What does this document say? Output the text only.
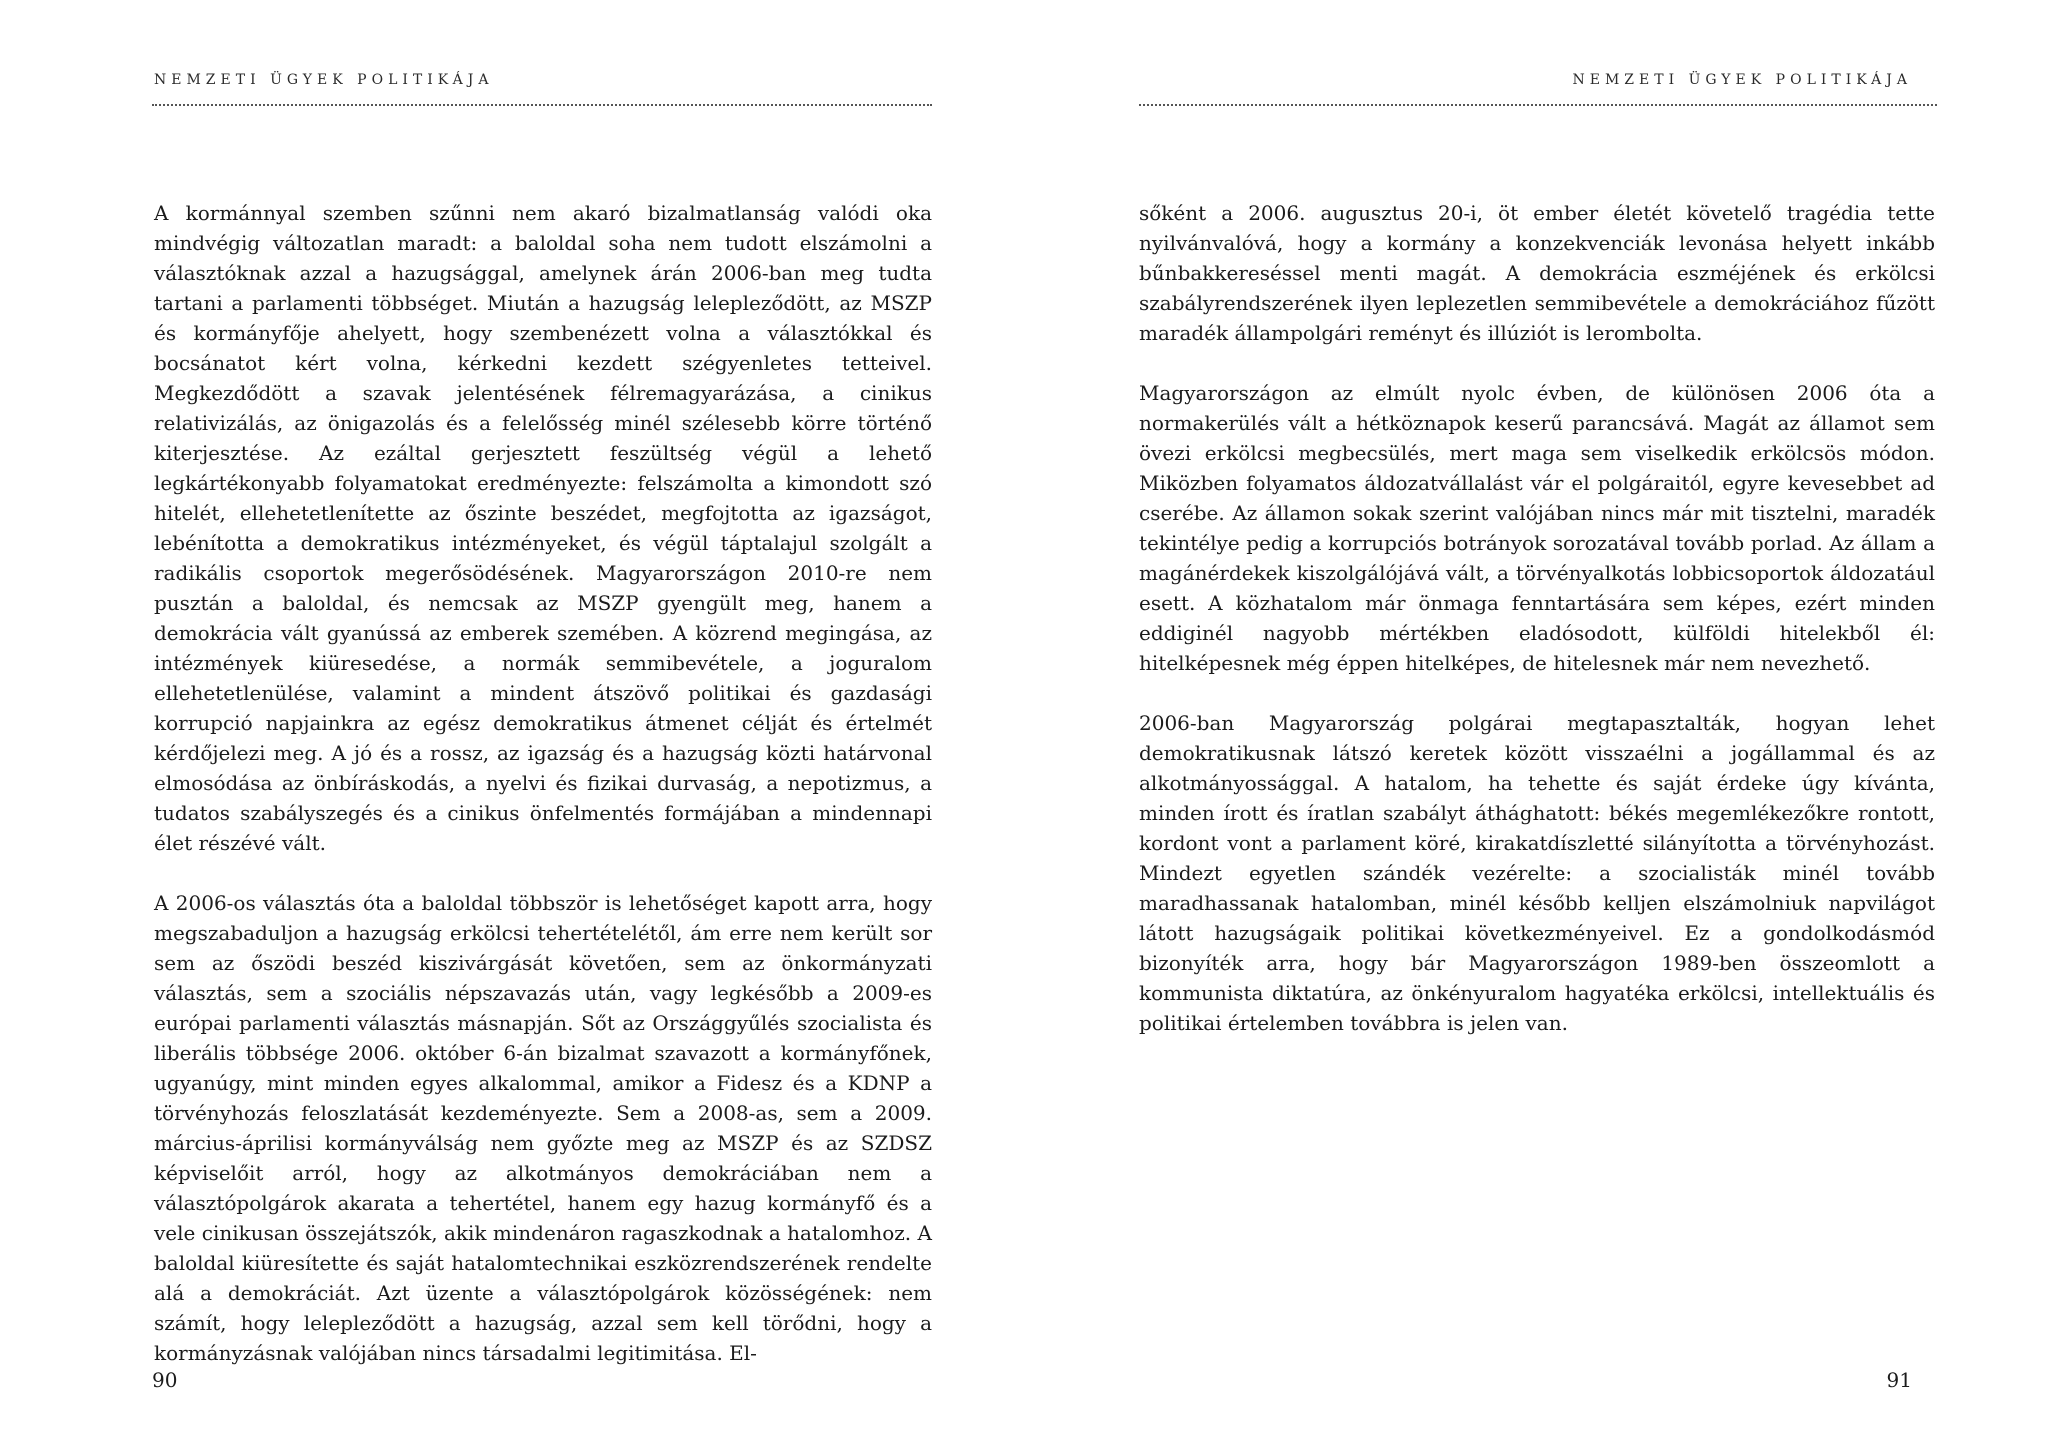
NEMZETI ÜGYEK POLITIKÁJA

A kormánnyal szemben szűnni nem akaró bizalmatlanság valódi oka mindvégig változatlan maradt: a baloldal soha nem tudott elszámolni a választóknak azzal a hazugsággal, amelynek árán 2006-ban meg tudta tartani a parlamenti többséget. Miután a hazugság lelepleződött, az MSZP és kormányfője ahelyett, hogy szembenézett volna a választókkal és bocsánatot kért volna, kérkedni kezdett szégyenletes tetteivel. Megkezdődött a szavak jelentésének félremagyarázása, a cinikus relativizálás, az önigazolás és a felelősség minél szélesebb körre történő kiterjesztése. Az ezáltal gerjesztett feszültség végül a lehető legkártékonyabb folyamatokat eredményezte: felszámolta a kimondott szó hitelét, ellehetetlenítette az őszinte beszédet, megfojtotta az igazságot, lebénította a demokratikus intézményeket, és végül táptalajul szolgált a radikális csoportok megerősödésének. Magyarországon 2010-re nem pusztán a baloldal, és nemcsak az MSZP gyengült meg, hanem a demokrácia vált gyanússá az emberek szemében. A közrend megingása, az intézmények kiüresedése, a normák semmibevétele, a joguralom ellehetetlenülése, valamint a mindent átszövő politikai és gazdasági korrupció napjainkra az egész demokratikus átmenet célját és értelmét kérdőjelezi meg. A jó és a rossz, az igazság és a hazugság közti határvonal elmosódása az önbíráskodás, a nyelvi és fizikai durvaság, a nepotizmus, a tudatos szabályszegés és a cinikus önfelmentés formájában a mindennapi élet részévé vált.

A 2006-os választás óta a baloldal többször is lehetőséget kapott arra, hogy megszabaduljon a hazugság erkölcsi tehertételétől, ám erre nem került sor sem az őszödi beszéd kiszivárgását követően, sem az önkormányzati választás, sem a szociális népszavazás után, vagy legkésőbb a 2009-es európai parlamenti választás másnapján. Sőt az Országgyűlés szocialista és liberális többsége 2006. október 6-án bizalmat szavazott a kormányfőnek, ugyanúgy, mint minden egyes alkalommal, amikor a Fidesz és a KDNP a törvényhozás feloszlatását kezdeményezte. Sem a 2008-as, sem a 2009. március-áprilisi kormányválság nem győzte meg az MSZP és az SZDSZ képviselőit arról, hogy az alkotmányos demokráciában nem a választópolgárok akarata a tehertétel, hanem egy hazug kormányfő és a vele cinikusan összejátszók, akik mindenáron ragaszkodnak a hatalomhoz. A baloldal kiüresítette és saját hatalomtechnikai eszközrendszerének rendelte alá a demokráciát. Azt üzente a választópolgárok közösségének: nem számít, hogy lelepleződött a hazugság, azzal sem kell törődni, hogy a kormányzásnak valójában nincs társadalmi legitimitása. El-

90
NEMZETI ÜGYEK POLITIKÁJA

sőként a 2006. augusztus 20-i, öt ember életét követelő tragédia tette nyilvánvalóvá, hogy a kormány a konzekvenciák levonása helyett inkább bűnbakkereséssel menti magát. A demokrácia eszméjének és erkölcsi szabályrendszerének ilyen leplezetlen semmibevétele a demokráciához fűzött maradék állampolgári reményt és illúziót is lerombolta.

Magyarországon az elmúlt nyolc évben, de különösen 2006 óta a normakerülés vált a hétköznapok keserű parancsává. Magát az államot sem övezi erkölcsi megbecsülés, mert maga sem viselkedik erkölcsös módon. Miközben folyamatos áldozatvállalást vár el polgáraitól, egyre kevesebbet ad cserébe. Az államon sokak szerint valójában nincs már mit tisztelni, maradék tekintélye pedig a korrupciós botrányok sorozatával tovább porlad. Az állam a magánérdekek kiszolgálójává vált, a törvényalkotás lobbicsoportok áldozatául esett. A közhatalom már önmaga fenntartására sem képes, ezért minden eddiginél nagyobb mértékben eladósodott, külföldi hitelekből él: hitelképesnek még éppen hitelképes, de hitelesnek már nem nevezhető.

2006-ban Magyarország polgárai megtapasztalták, hogyan lehet demokratikusnak látszó keretek között visszaélni a jogállammal és az alkotmányossággal. A hatalom, ha tehette és saját érdeke úgy kívánta, minden írott és íratlan szabályt áthághatott: békés megemlékezőkre rontott, kordont vont a parlament köré, kirakatdíszletté silányította a törvényhozást. Mindezt egyetlen szándék vezérelte: a szocialisták minél tovább maradhassanak hatalomban, minél később kelljen elszámolniuk napvilágot látott hazugságaik politikai következményeivel. Ez a gondolkodásmód bizonyíték arra, hogy bár Magyarországon 1989-ben összeomlott a kommunista diktatúra, az önkényuralom hagyatéka erkölcsi, intellektuális és politikai értelemben továbbra is jelen van.

91
